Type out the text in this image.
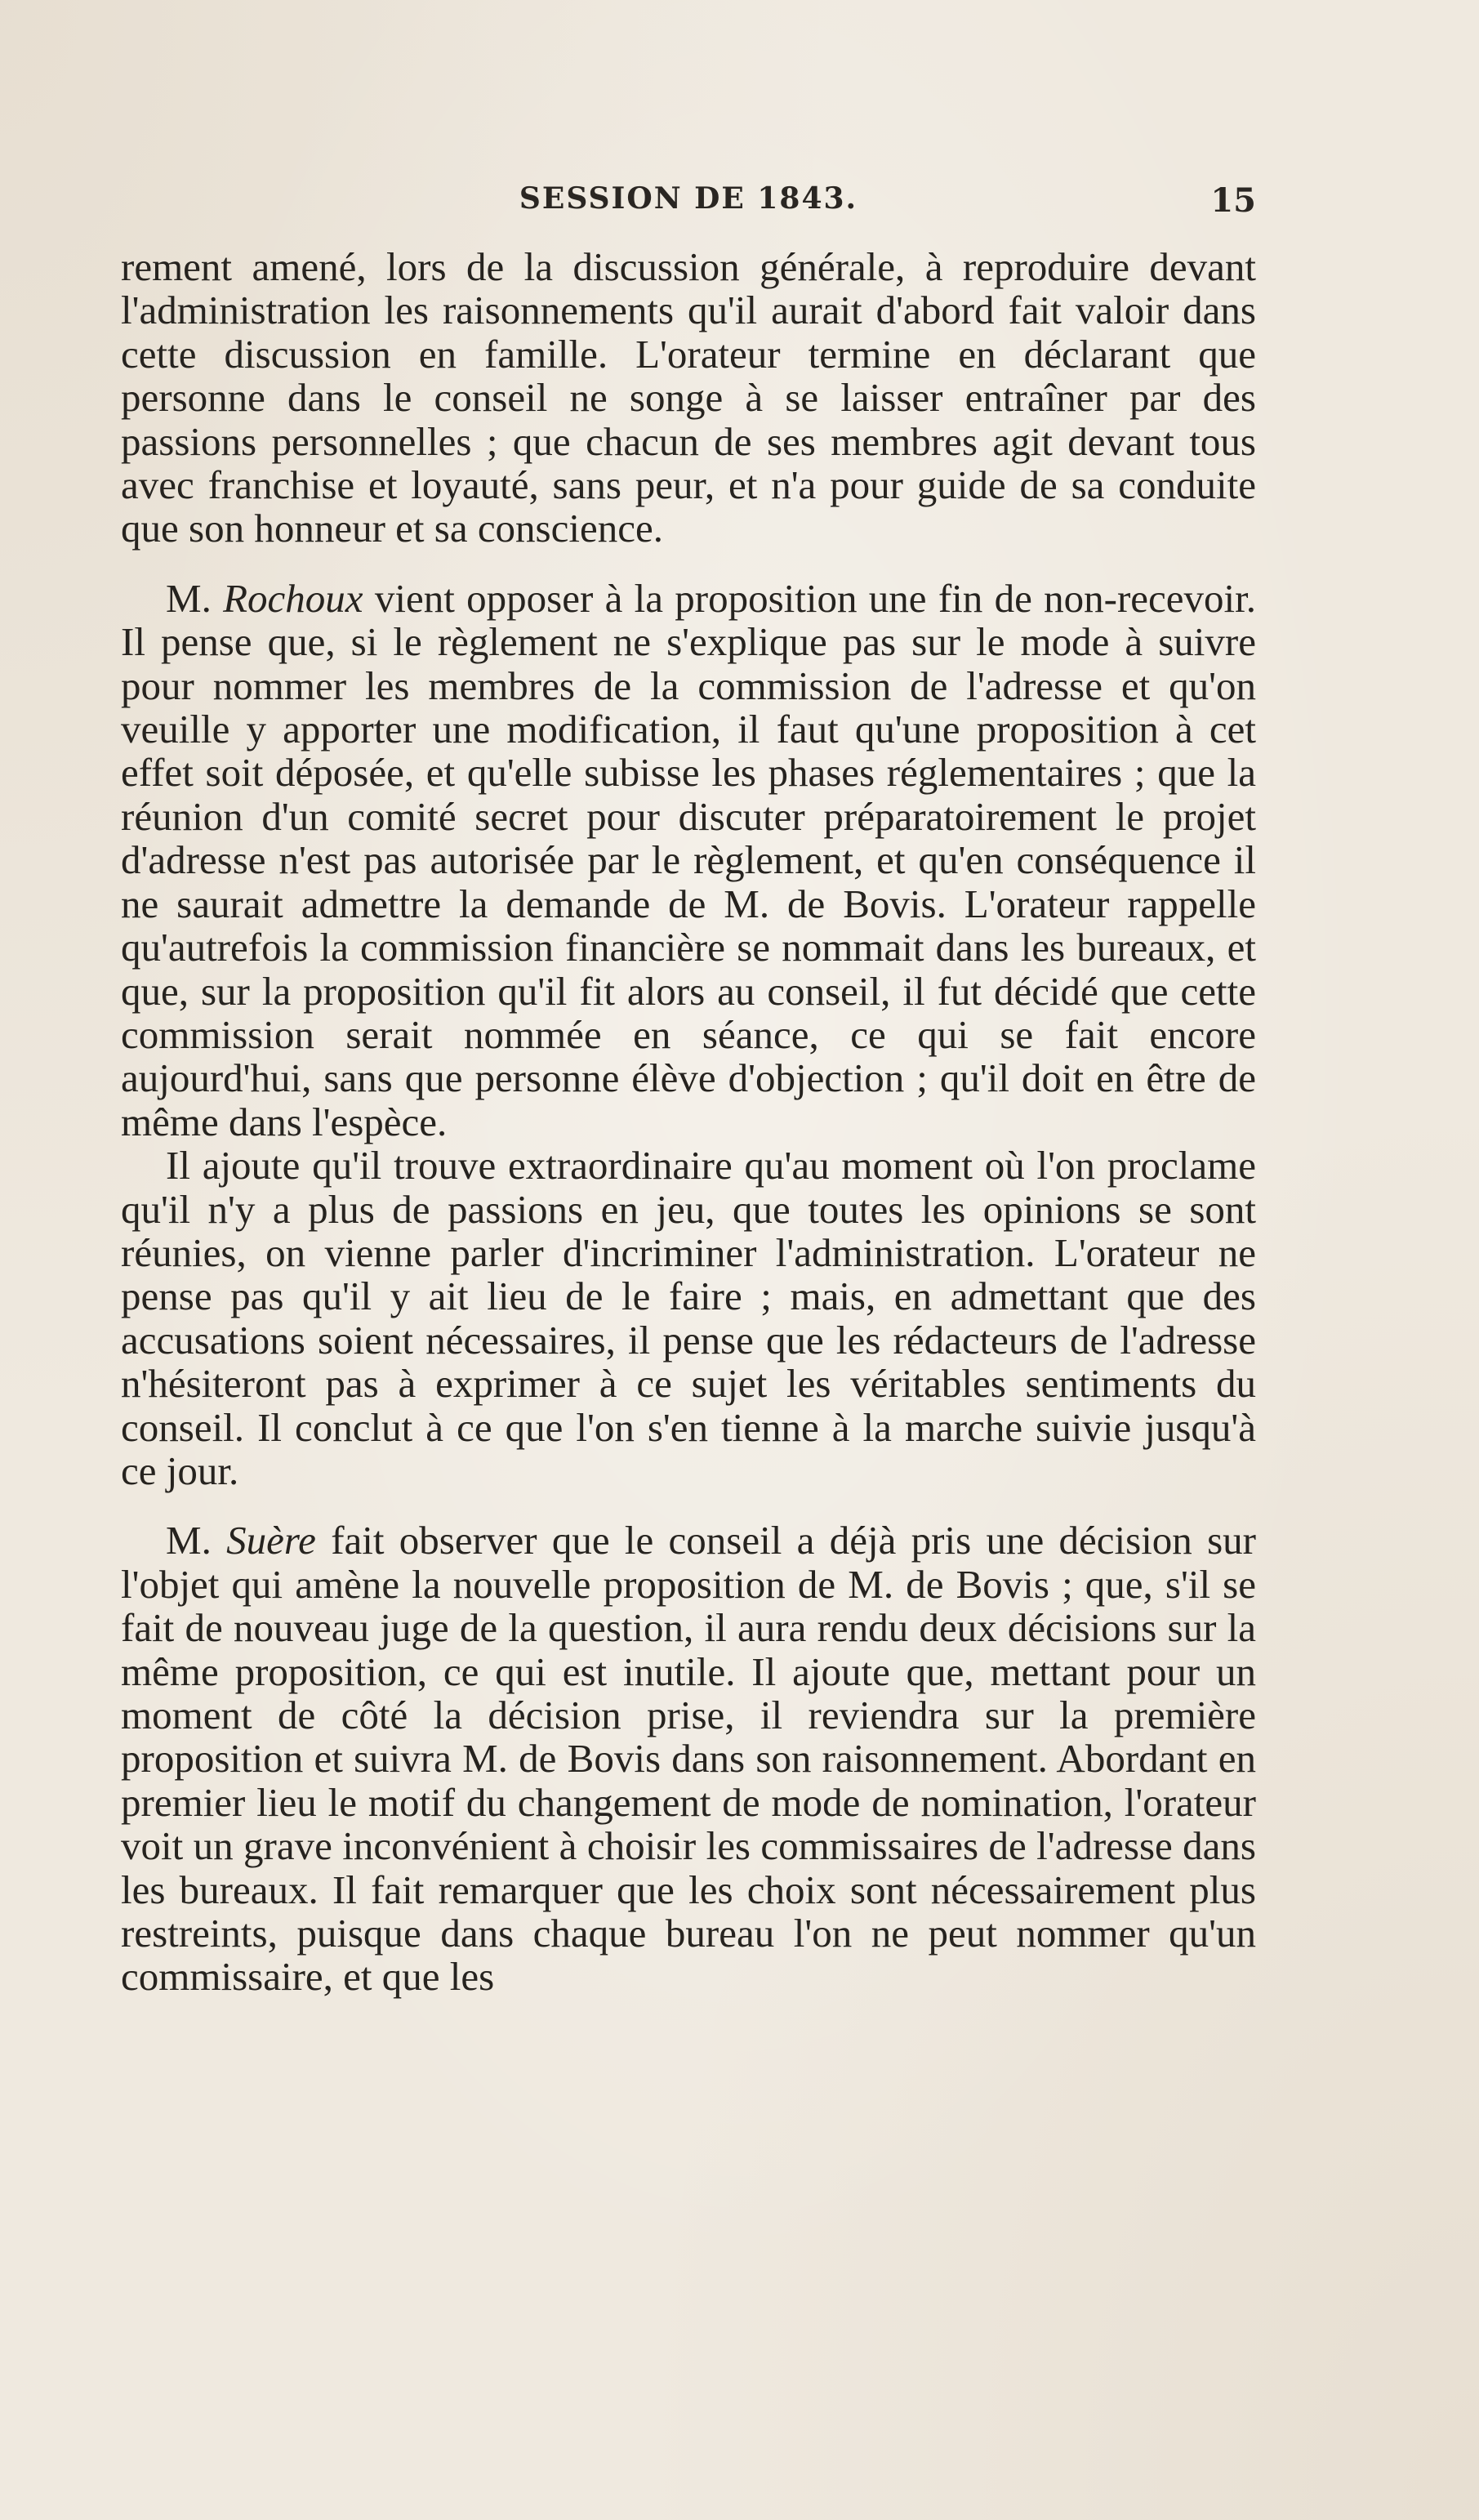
SESSION DE 1843.	15

rement amené, lors de la discussion générale, à reproduire devant l'administration les raisonnements qu'il aurait d'abord fait valoir dans cette discussion en famille. L'orateur termine en déclarant que personne dans le conseil ne songe à se laisser entraîner par des passions personnelles ; que chacun de ses membres agit devant tous avec franchise et loyauté, sans peur, et n'a pour guide de sa conduite que son honneur et sa conscience.

M. Rochoux vient opposer à la proposition une fin de non-recevoir. Il pense que, si le règlement ne s'explique pas sur le mode à suivre pour nommer les membres de la commission de l'adresse et qu'on veuille y apporter une modification, il faut qu'une proposition à cet effet soit déposée, et qu'elle subisse les phases réglementaires ; que la réunion d'un comité secret pour discuter préparatoirement le projet d'adresse n'est pas autorisée par le règlement, et qu'en conséquence il ne saurait admettre la demande de M. de Bovis. L'orateur rappelle qu'autrefois la commission financière se nommait dans les bureaux, et que, sur la proposition qu'il fit alors au conseil, il fut décidé que cette commission serait nommée en séance, ce qui se fait encore aujourd'hui, sans que personne élève d'objection ; qu'il doit en être de même dans l'espèce.

Il ajoute qu'il trouve extraordinaire qu'au moment où l'on proclame qu'il n'y a plus de passions en jeu, que toutes les opinions se sont réunies, on vienne parler d'incriminer l'administration. L'orateur ne pense pas qu'il y ait lieu de le faire ; mais, en admettant que des accusations soient nécessaires, il pense que les rédacteurs de l'adresse n'hésiteront pas à exprimer à ce sujet les véritables sentiments du conseil. Il conclut à ce que l'on s'en tienne à la marche suivie jusqu'à ce jour.

M. Suère fait observer que le conseil a déjà pris une décision sur l'objet qui amène la nouvelle proposition de M. de Bovis ; que, s'il se fait de nouveau juge de la question, il aura rendu deux décisions sur la même proposition, ce qui est inutile. Il ajoute que, mettant pour un moment de côté la décision prise, il reviendra sur la première proposition et suivra M. de Bovis dans son raisonnement. Abordant en premier lieu le motif du changement de mode de nomination, l'orateur voit un grave inconvénient à choisir les commissaires de l'adresse dans les bureaux. Il fait remarquer que les choix sont nécessairement plus restreints, puisque dans chaque bureau l'on ne peut nommer qu'un commissaire, et que les
